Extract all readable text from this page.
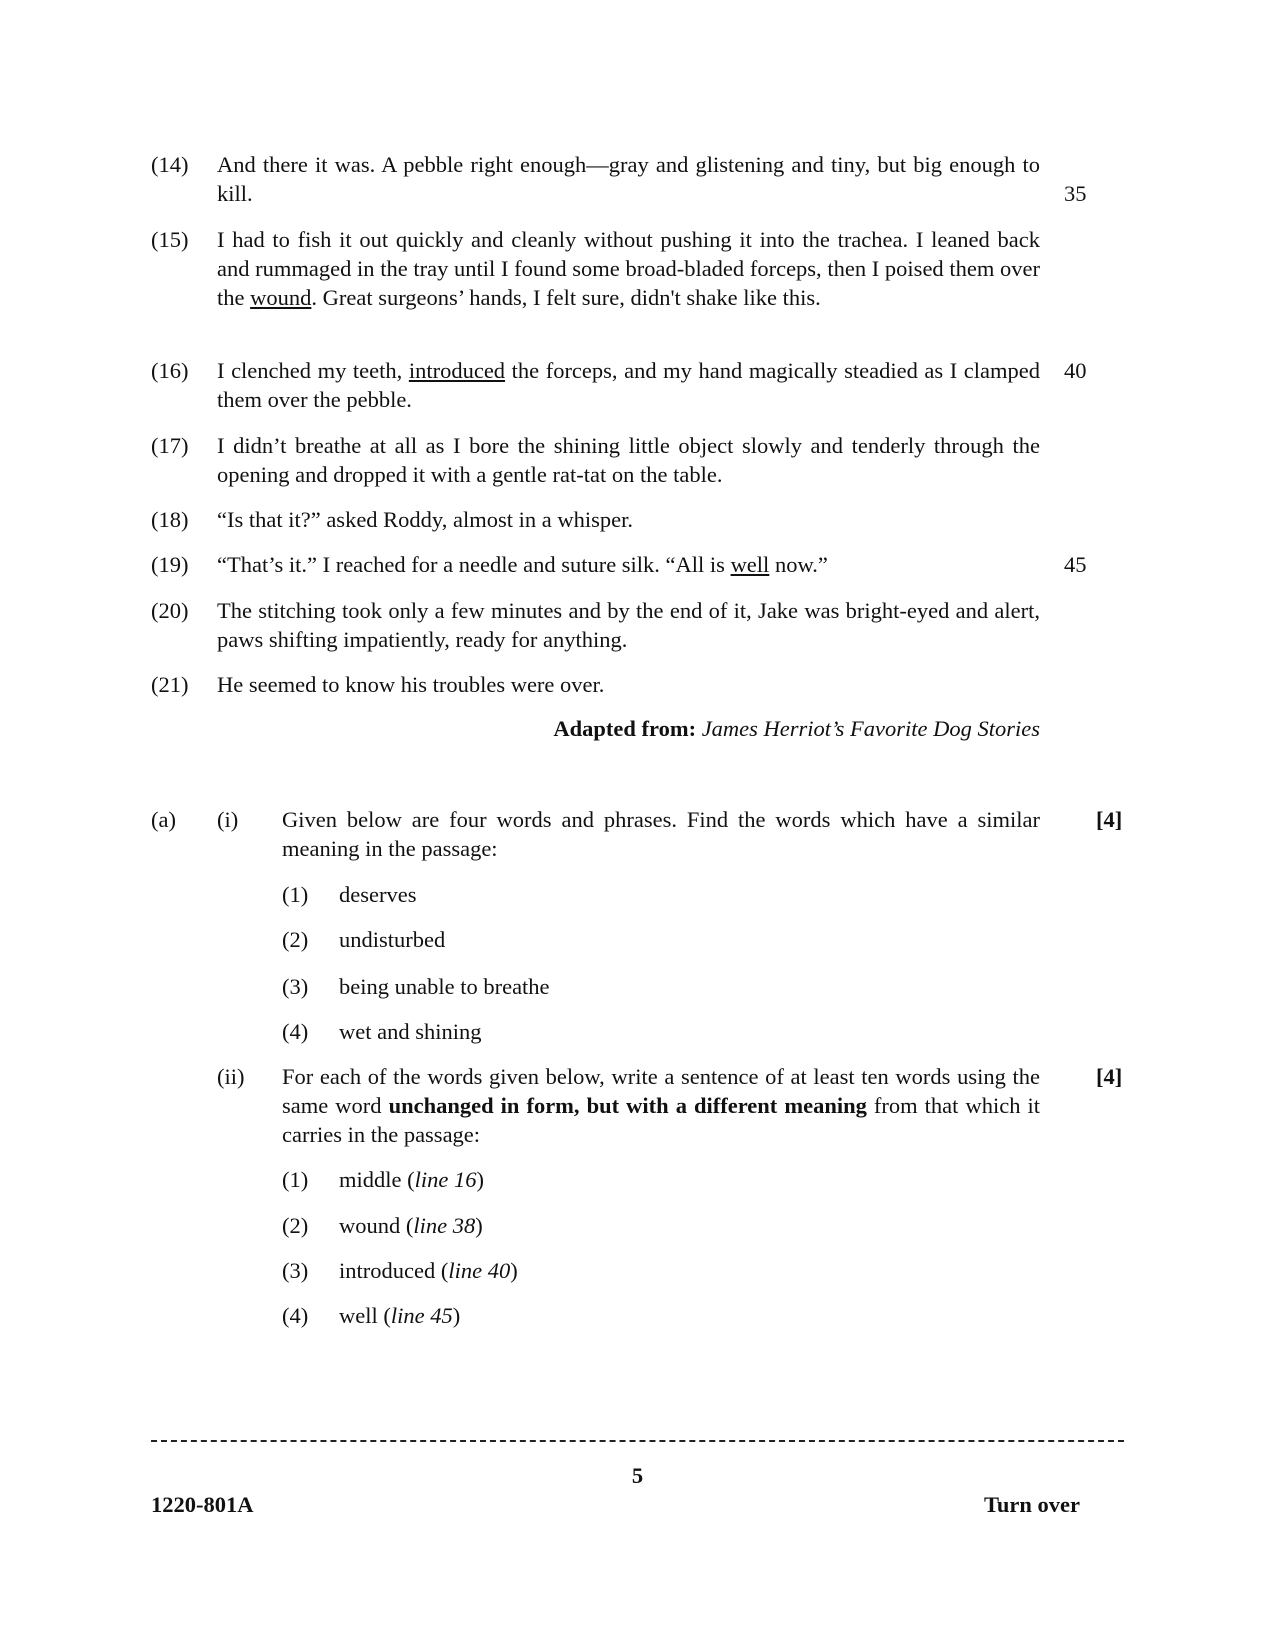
(14) And there it was. A pebble right enough—gray and glistening and tiny, but big enough to kill.	35
(15) I had to fish it out quickly and cleanly without pushing it into the trachea. I leaned back and rummaged in the tray until I found some broad-bladed forceps, then I poised them over the wound. Great surgeons’ hands, I felt sure, didn't shake like this.
(16) I clenched my teeth, introduced the forceps, and my hand magically steadied as I clamped them over the pebble.
40
(17) I didn’t breathe at all as I bore the shining little object slowly and tenderly through the opening and dropped it with a gentle rat-tat on the table.
(18) “Is that it?” asked Roddy, almost in a whisper.
(19) “That’s it.” I reached for a needle and suture silk. “All is well now.”	45
(20) The stitching took only a few minutes and by the end of it, Jake was bright-eyed and alert, paws shifting impatiently, ready for anything.
(21) He seemed to know his troubles were over.
Adapted from: James Herriot’s Favorite Dog Stories
(a) (i) Given below are four words and phrases. Find the words which have a similar meaning in the passage:
[4]
(1) deserves
(2) undisturbed
(3) being unable to breathe
(4) wet and shining
(ii) For each of the words given below, write a sentence of at least ten words using the same word unchanged in form, but with a different meaning from that which it carries in the passage:
[4]
(1) middle (line 16)
(2) wound (line 38)
(3) introduced (line 40)
(4) well (line 45)
5
1220-801A	Turn over
